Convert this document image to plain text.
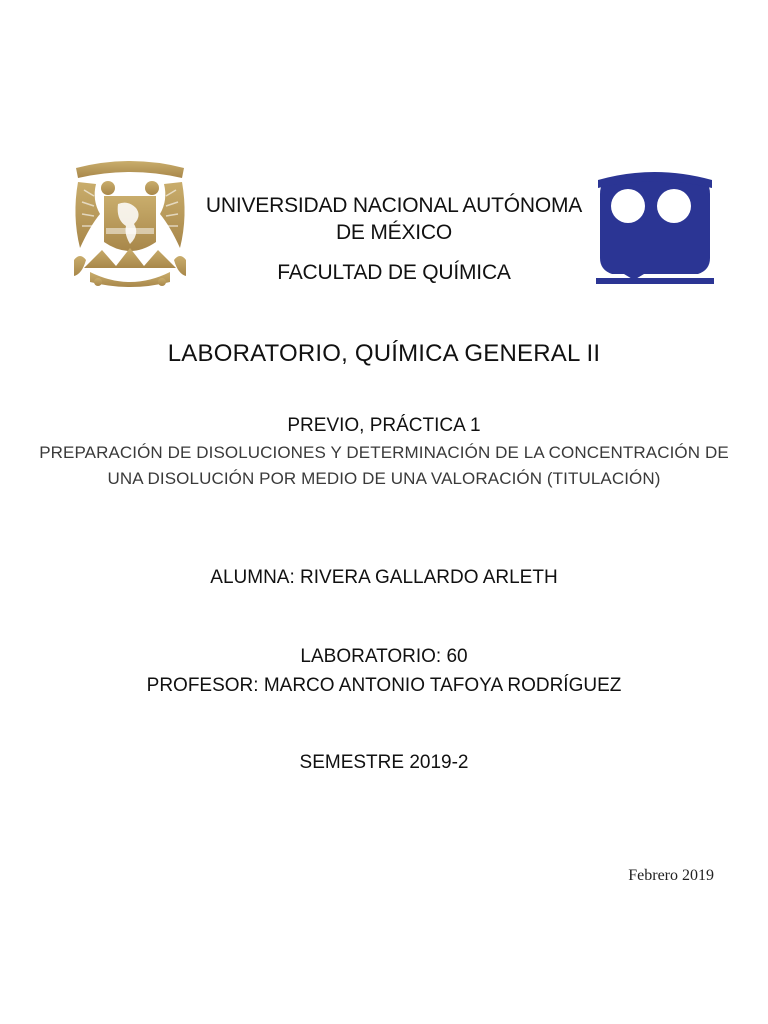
UNIVERSIDAD NACIONAL AUTÓNOMA DE MÉXICO
FACULTAD DE QUÍMICA
LABORATORIO, QUÍMICA GENERAL II
PREVIO, PRÁCTICA 1
PREPARACIÓN DE DISOLUCIONES Y DETERMINACIÓN DE LA CONCENTRACIÓN DE UNA DISOLUCIÓN POR MEDIO DE UNA VALORACIÓN (TITULACIÓN)
ALUMNA: RIVERA GALLARDO ARLETH
LABORATORIO: 60
PROFESOR: MARCO ANTONIO TAFOYA RODRÍGUEZ
SEMESTRE 2019-2
Febrero 2019
